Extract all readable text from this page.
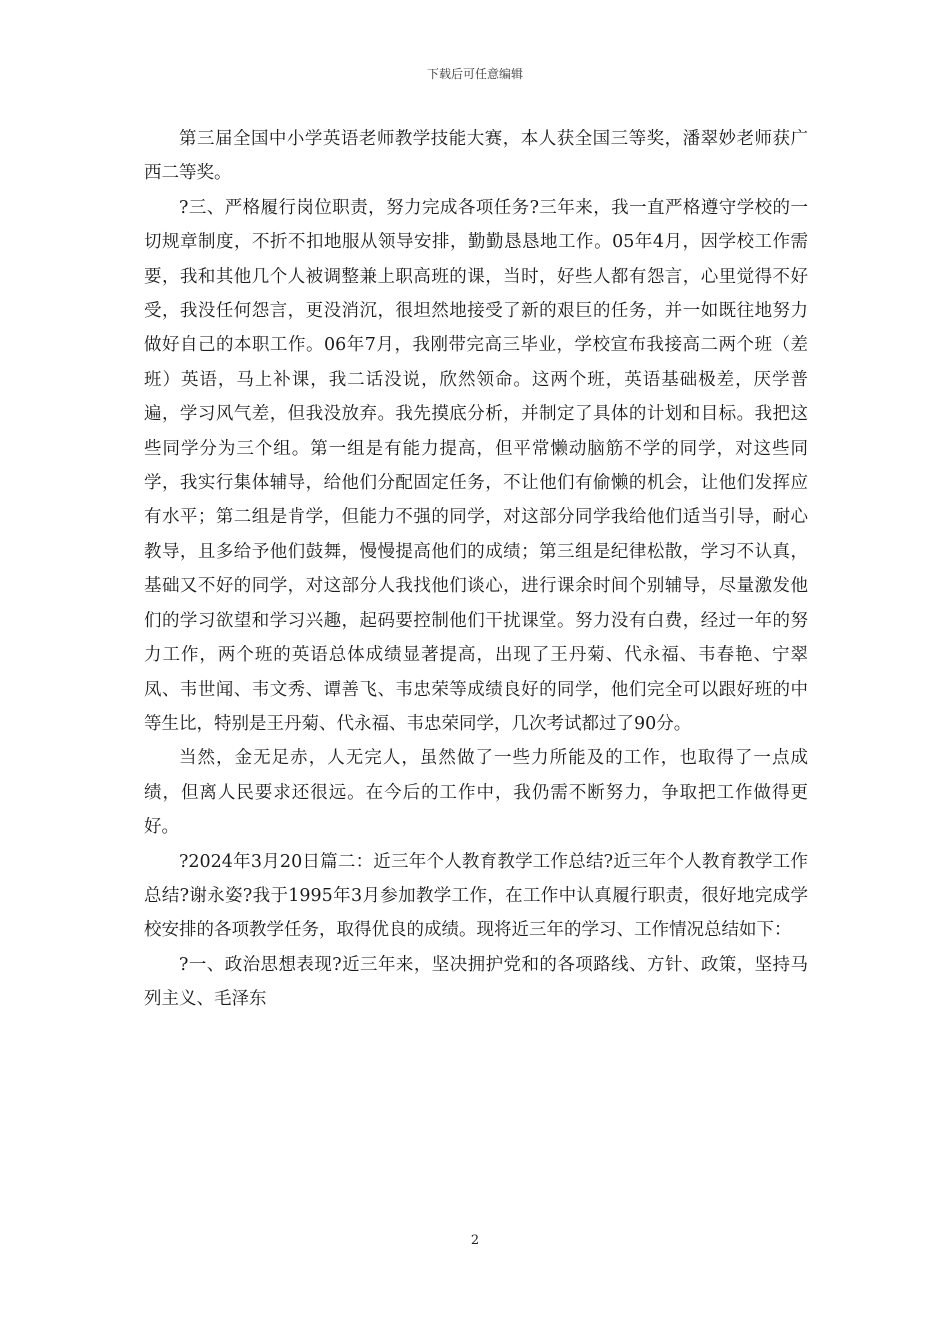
下载后可任意编辑

第三届全国中小学英语老师教学技能大赛，本人获全国三等奖，潘翠妙老师获广西二等奖。

?三、严格履行岗位职责，努力完成各项任务?三年来，我一直严格遵守学校的一切规章制度，不折不扣地服从领导安排，勤勤恳恳地工作。05年4月，因学校工作需要，我和其他几个人被调整兼上职高班的课，当时，好些人都有怨言，心里觉得不好受，我没任何怨言，更没消沉，很坦然地接受了新的艰巨的任务，并一如既往地努力做好自己的本职工作。06年7月，我刚带完高三毕业，学校宣布我接高二两个班（差班）英语，马上补课，我二话没说，欣然领命。这两个班，英语基础极差，厌学普遍，学习风气差，但我没放弃。我先摸底分析，并制定了具体的计划和目标。我把这些同学分为三个组。第一组是有能力提高，但平常懒动脑筋不学的同学，对这些同学，我实行集体辅导，给他们分配固定任务，不让他们有偷懒的机会，让他们发挥应有水平；第二组是肯学，但能力不强的同学，对这部分同学我给他们适当引导，耐心教导，且多给予他们鼓舞，慢慢提高他们的成绩；第三组是纪律松散，学习不认真，基础又不好的同学，对这部分人我找他们谈心，进行课余时间个别辅导，尽量激发他们的学习欲望和学习兴趣，起码要控制他们干扰课堂。努力没有白费，经过一年的努力工作，两个班的英语总体成绩显著提高，出现了王丹菊、代永福、韦春艳、宁翠凤、韦世闻、韦文秀、谭善飞、韦忠荣等成绩良好的同学，他们完全可以跟好班的中等生比，特别是王丹菊、代永福、韦忠荣同学，几次考试都过了90分。

当然，金无足赤，人无完人，虽然做了一些力所能及的工作，也取得了一点成绩，但离人民要求还很远。在今后的工作中，我仍需不断努力，争取把工作做得更好。

?2024年3月20日篇二：近三年个人教育教学工作总结?近三年个人教育教学工作总结?谢永姿?我于1995年3月参加教学工作，在工作中认真履行职责，很好地完成学校安排的各项教学任务，取得优良的成绩。现将近三年的学习、工作情况总结如下：

?一、政治思想表现?近三年来，坚决拥护党和的各项路线、方针、政策，坚持马列主义、毛泽东

2
